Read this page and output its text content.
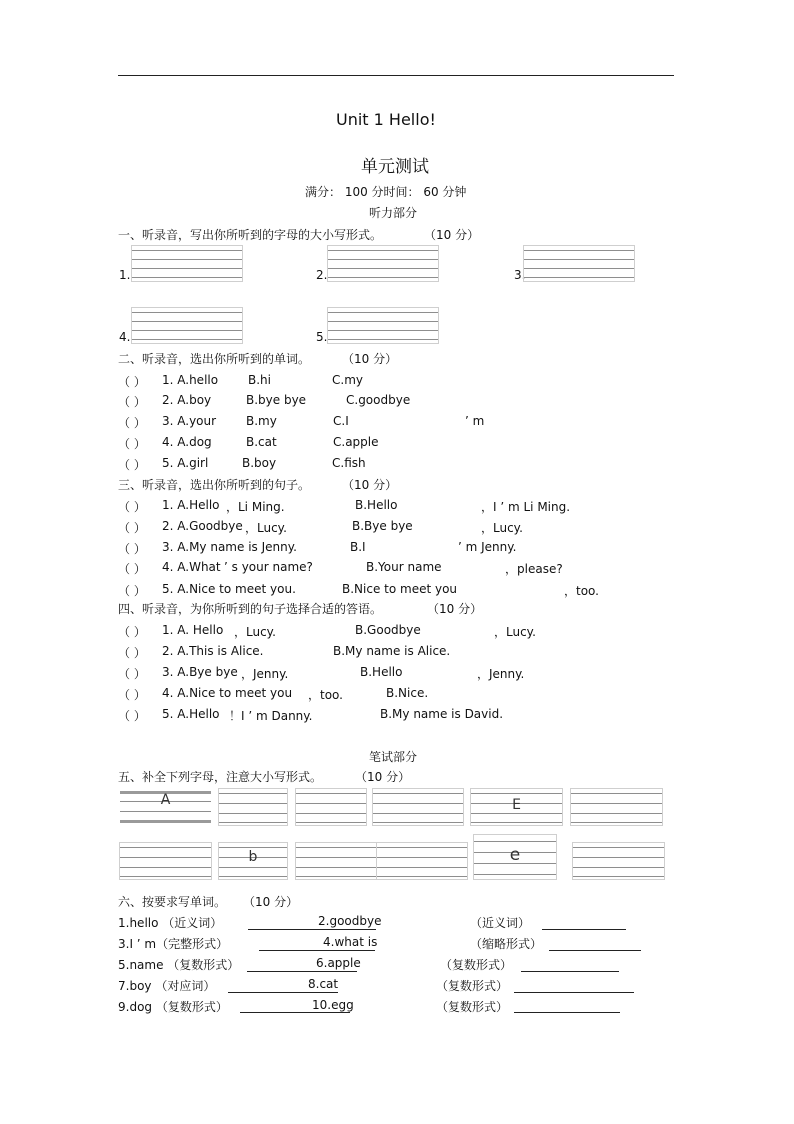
Unit 1 Hello!
单元测试
满分： 100 分时间： 60 分钟
听力部分
一、听录音，写出你所听到的字母的大小写形式。	（10 分）
1.	2.	3.
4.	5.
二、听录音，选出你所听到的单词。	（10 分）
（ ） 1. A.hello B.hi	C.my
（ ） 2. A.boy	B.bye bye	C.goodbye
（ ） 3. A.your B.my	C.I	’ m
（ ） 4. A.dog	B.cat	C.apple
（ ） 5. A.girl	B.boy	C.fish
三、听录音，选出你所听到的句子。	（10 分）
（ ） 1. A.Hello ，Li Ming.	B.Hello	，I ’ m Li Ming.
（ ） 2. A.Goodbye ，Lucy.	B.Bye bye	，Lucy.
（ ） 3. A.My name is Jenny.	B.I	’ m Jenny.
（ ） 4. A.What ’ s your name?	B.Your name	，please?
（ ） 5. A.Nice to meet you.	B.Nice to meet you	，too.
四、听录音，为你所听到的句子选择合适的答语。	（10 分）
（ ） 1. A. Hello ，Lucy.	B.Goodbye	，Lucy.
（ ） 2. A.This is Alice.	B.My name is Alice.
（ ） 3. A.Bye bye ，Jenny.	B.Hello	，Jenny.
（ ） 4. A.Nice to meet you ，too.	B.Nice.
（ ） 5. A.Hello ！I ’ m Danny.	B.My name is David.
笔试部分
五、补全下列字母，注意大小写形式。	（10 分）
A	E
b	e
六、按要求写单词。 （10 分）
1.hello （近义词）	2.goodbye	（近义词）
3.I ’ m（完整形式）	4.what is	（缩略形式）
5.name （复数形式）	6.apple	（复数形式）
7.boy （对应词）	8.cat	（复数形式）
9.dog （复数形式）	10.egg	（复数形式）
